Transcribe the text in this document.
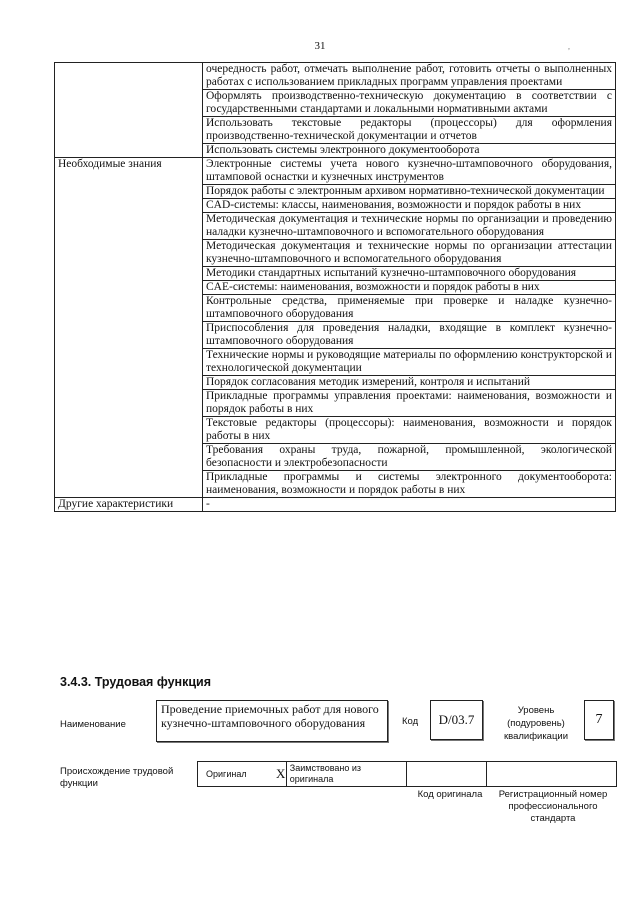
31	,
	очередность работ, отмечать выполнение работ, готовить отчеты о выполненных работах с использованием прикладных программ управления проектами
	Оформлять производственно-техническую документацию в соответствии с государственными стандартами и локальными нормативными актами
	Использовать текстовые редакторы (процессоры) для оформления производственно-технической документации и отчетов
	Использовать системы электронного документооборота
Необходимые знания	Электронные системы учета нового кузнечно-штамповочного оборудования, штамповой оснастки и кузнечных инструментов
	Порядок работы с электронным архивом нормативно-технической документации
	CAD-системы: классы, наименования, возможности и порядок работы в них
	Методическая документация и технические нормы по организации и проведению наладки кузнечно-штамповочного и вспомогательного оборудования
	Методическая документация и технические нормы по организации аттестации кузнечно-штамповочного и вспомогательного оборудования
	Методики стандартных испытаний кузнечно-штамповочного оборудования
	CAE-системы: наименования, возможности и порядок работы в них
	Контрольные средства, применяемые при проверке и наладке кузнечно-штамповочного оборудования
	Приспособления для проведения наладки, входящие в комплект кузнечно-штамповочного оборудования
	Технические нормы и руководящие материалы по оформлению конструкторской и технологической документации
	Порядок согласования методик измерений, контроля и испытаний
	Прикладные программы управления проектами: наименования, возможности и порядок работы в них
	Текстовые редакторы (процессоры): наименования, возможности и порядок работы в них
	Требования охраны труда, пожарной, промышленной, экологической безопасности и электробезопасности
	Прикладные программы и системы электронного документооборота: наименования, возможности и порядок работы в них
Другие характеристики	-
3.4.3. Трудовая функция
Наименование
Проведение приемочных работ для нового кузнечно-штамповочного оборудования	Код	D/03.7
Уровень (подуровень) квалификации
7
Происхождение трудовой функции
Оригинал X Заимствовано из оригинала
Код оригинала	Регистрационный номер профессионального стандарта
